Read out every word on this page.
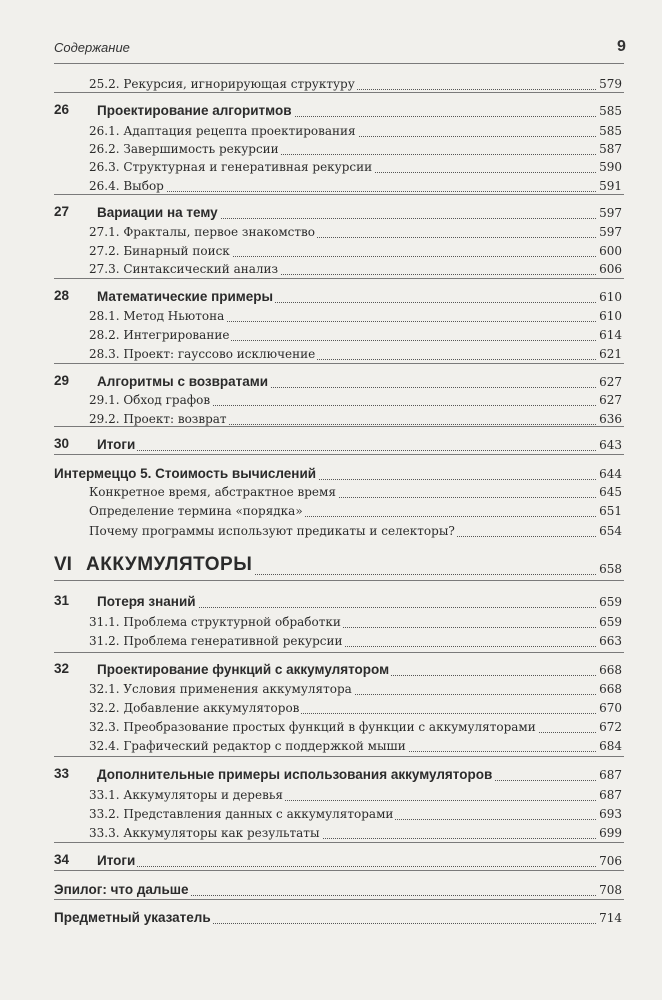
Содержание	9
25.2. Рекурсия, игнорирующая структуру	579
26 Проектирование алгоритмов	585
26.1. Адаптация рецепта проектирования	585
26.2. Завершимость рекурсии	587
26.3. Структурная и генеративная рекурсии	590
26.4. Выбор	591
27 Вариации на тему	597
27.1. Фракталы, первое знакомство	597
27.2. Бинарный поиск	600
27.3. Синтаксический анализ	606
28 Математические примеры	610
28.1. Метод Ньютона	610
28.2. Интегрирование	614
28.3. Проект: гауссово исключение	621
29 Алгоритмы с возвратами	627
29.1. Обход графов	627
29.2. Проект: возврат	636
30 Итоги	643
Интермеццо 5. Стоимость вычислений	644
Конкретное время, абстрактное время	645
Определение термина «порядка»	651
Почему программы используют предикаты и селекторы?	654
VI АККУМУЛЯТОРЫ	658
31 Потеря знаний	659
31.1. Проблема структурной обработки	659
31.2. Проблема генеративной рекурсии	663
32 Проектирование функций с аккумулятором	668
32.1. Условия применения аккумулятора	668
32.2. Добавление аккумуляторов	670
32.3. Преобразование простых функций в функции с аккумуляторами	672
32.4. Графический редактор с поддержкой мыши	684
33 Дополнительные примеры использования аккумуляторов	687
33.1. Аккумуляторы и деревья	687
33.2. Представления данных с аккумуляторами	693
33.3. Аккумуляторы как результаты	699
34 Итоги	706
Эпилог: что дальше	708
Предметный указатель	714
